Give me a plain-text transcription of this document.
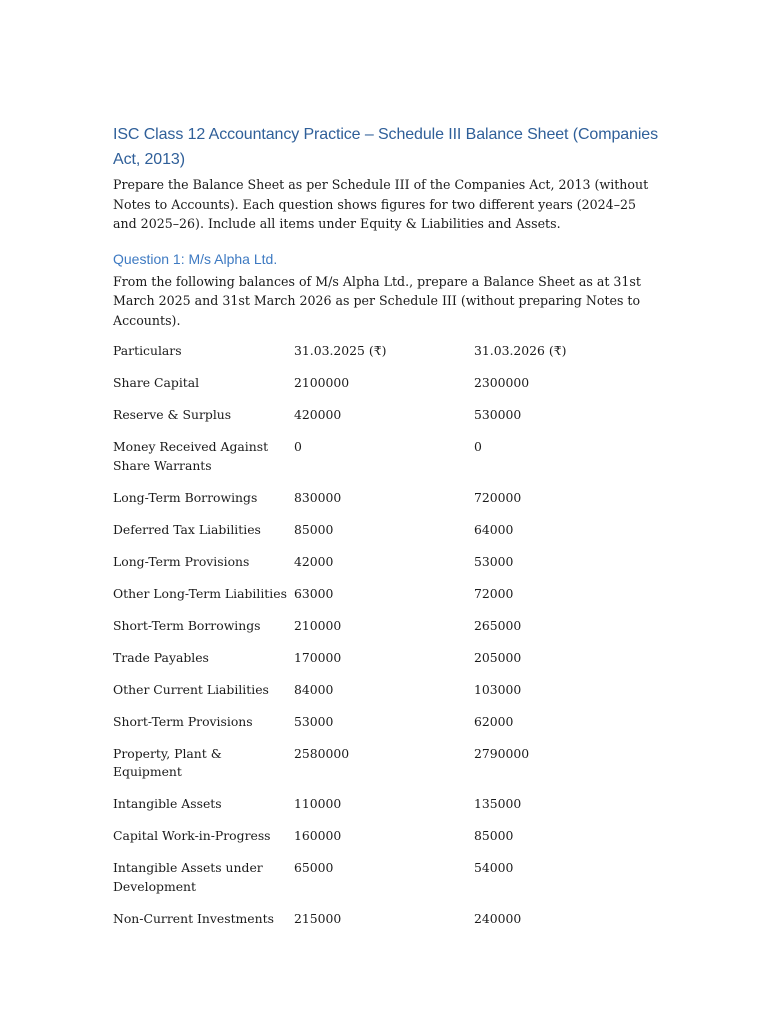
ISC Class 12 Accountancy Practice – Schedule III Balance Sheet (Companies Act, 2013)

Prepare the Balance Sheet as per Schedule III of the Companies Act, 2013 (without Notes to Accounts). Each question shows figures for two different years (2024–25 and 2025–26). Include all items under Equity & Liabilities and Assets.

Question 1: M/s Alpha Ltd.

From the following balances of M/s Alpha Ltd., prepare a Balance Sheet as at 31st March 2025 and 31st March 2026 as per Schedule III (without preparing Notes to Accounts).

Particulars	31.03.2025 (₹)	31.03.2026 (₹)
Share Capital	2100000	2300000
Reserve & Surplus	420000	530000
Money Received Against Share Warrants	0	0
Long-Term Borrowings	830000	720000
Deferred Tax Liabilities	85000	64000
Long-Term Provisions	42000	53000
Other Long-Term Liabilities	63000	72000
Short-Term Borrowings	210000	265000
Trade Payables	170000	205000
Other Current Liabilities	84000	103000
Short-Term Provisions	53000	62000
Property, Plant & Equipment	2580000	2790000
Intangible Assets	110000	135000
Capital Work-in-Progress	160000	85000
Intangible Assets under Development	65000	54000
Non-Current Investments	215000	240000
